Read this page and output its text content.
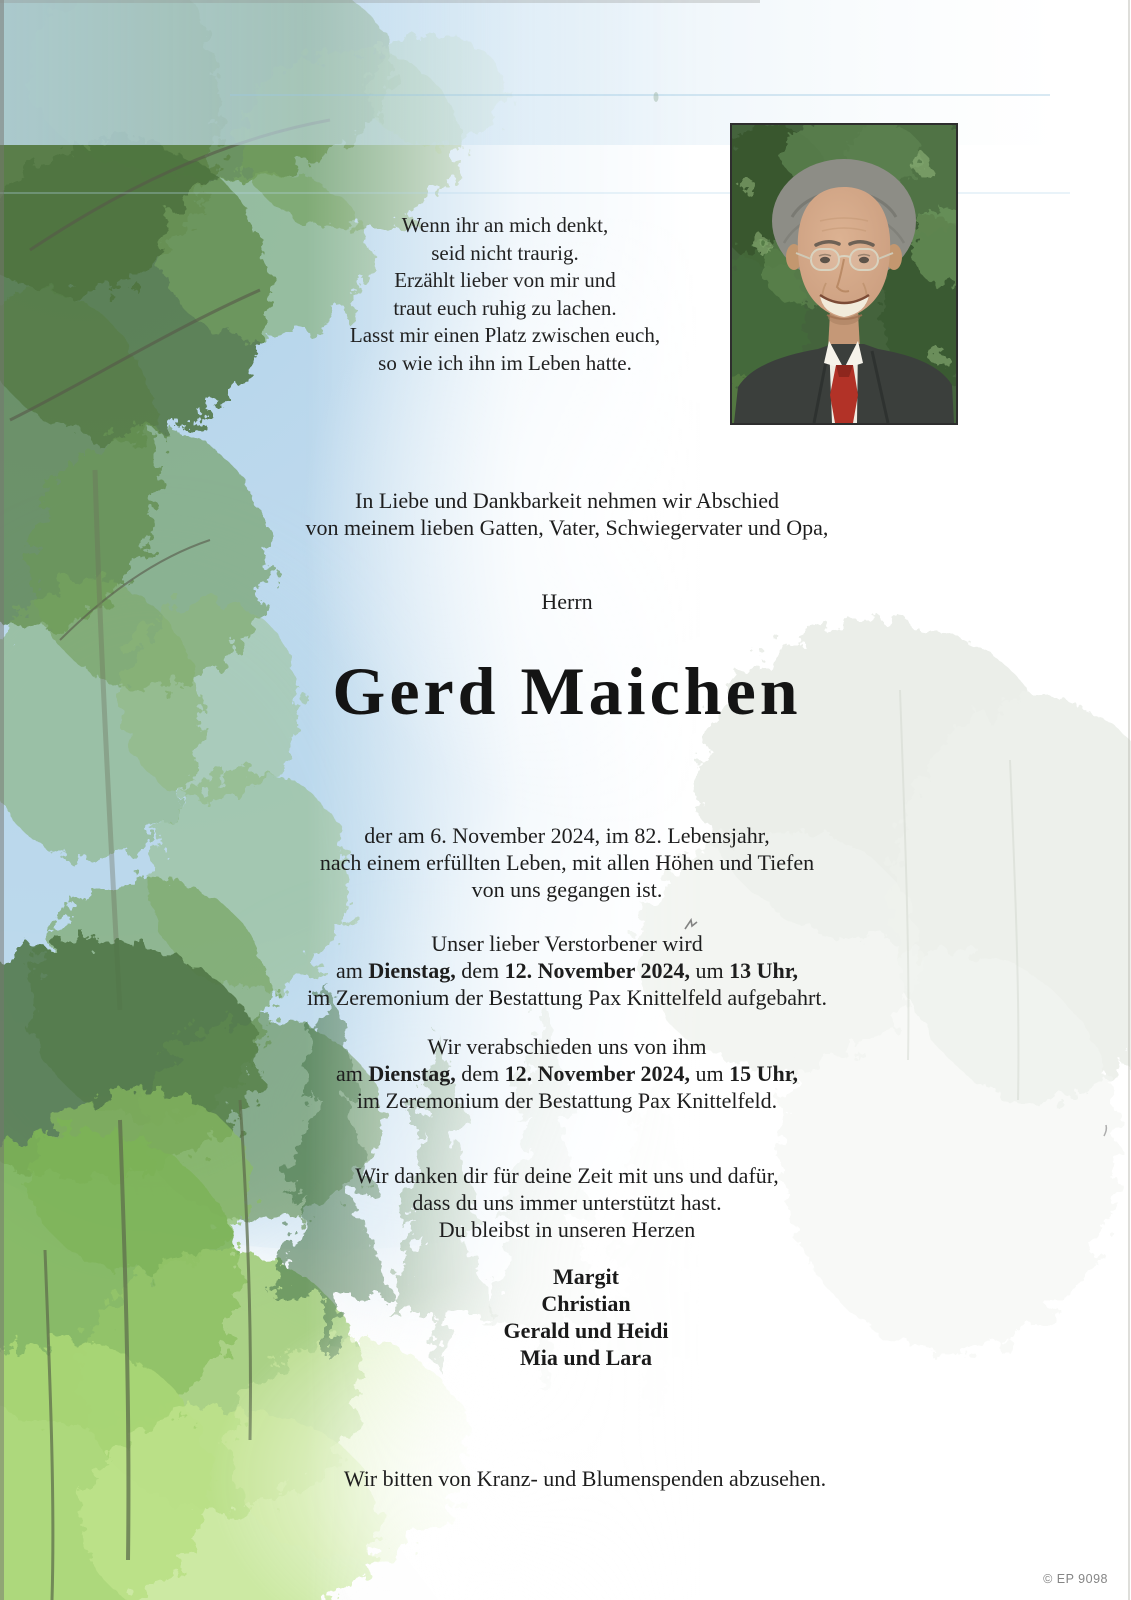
Wenn ihr an mich denkt,
seid nicht traurig.
Erzählt lieber von mir und
traut euch ruhig zu lachen.
Lasst mir einen Platz zwischen euch,
so wie ich ihn im Leben hatte.
In Liebe und Dankbarkeit nehmen wir Abschied
von meinem lieben Gatten, Vater, Schwiegervater und Opa,
Herrn
Gerd Maichen
der am 6. November 2024, im 82. Lebensjahr,
nach einem erfüllten Leben, mit allen Höhen und Tiefen
von uns gegangen ist.
Unser lieber Verstorbener wird
am Dienstag, dem 12. November 2024, um 13 Uhr,
im Zeremonium der Bestattung Pax Knittelfeld aufgebahrt.
Wir verabschieden uns von ihm
am Dienstag, dem 12. November 2024, um 15 Uhr,
im Zeremonium der Bestattung Pax Knittelfeld.
Wir danken dir für deine Zeit mit uns und dafür,
dass du uns immer unterstützt hast.
Du bleibst in unseren Herzen
Margit
Christian
Gerald und Heidi
Mia und Lara
Wir bitten von Kranz- und Blumenspenden abzusehen.
© EP 9098
